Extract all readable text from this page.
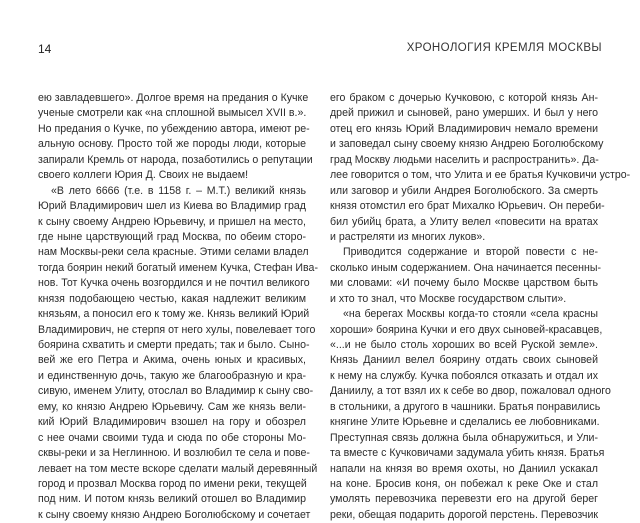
14	ХРОНОЛОГИЯ КРЕМЛЯ МОСКВЫ
ею завладевшего». Долгое время на предания о Кучке
ученые смотрели как «на сплошной вымысел XVII в.».
Но предания о Кучке, по убеждению автора, имеют ре-
альную основу. Просто той же породы люди, которые
запирали Кремль от народа, позаботились о репутации
своего коллеги Юрия Д. Своих не выдаем!
«В лето 6666 (т.е. в 1158 г. – М.Т.) великий князь
Юрий Владимирович шел из Киева во Владимир град
к сыну своему Андрею Юрьевичу, и пришел на место,
где ныне царствующий град Москва, по обеим сторо-
нам Москвы-реки села красные. Этими селами владел
тогда боярин некий богатый именем Кучка, Стефан Ива-
нов. Тот Кучка очень возгордился и не почтил великого
князя подобающею честью, какая надлежит великим
князьям, а поносил его к тому же. Князь великий Юрий
Владимирович, не стерпя от него хулы, повелевает того
боярина схватить и смерти предать; так и было. Сыно-
вей же его Петра и Акима, очень юных и красивых,
и единственную дочь, такую же благообразную и кра-
сивую, именем Улиту, отослал во Владимир к сыну сво-
ему, ко князю Андрею Юрьевичу. Сам же князь вели-
кий Юрий Владимирович взошел на гору и обозрел
с нее очами своими туда и сюда по обе стороны Мо-
сквы-реки и за Неглинною. И возлюбил те села и пове-
левает на том месте вскоре сделати малый деревянный
город и прозвал Москва город по имени реки, текущей
под ним. И потом князь великий отошел во Владимир
к сыну своему князю Андрею Боголюбскому и сочетает
его браком с дочерью Кучковою, с которой князь Ан-
дрей прижил и сыновей, рано умерших. И был у него
отец его князь Юрий Владимирович немало времени
и заповедал сыну своему князю Андрею Боголюбскому
град Москву людьми населить и распространить». Да-
лее говорится о том, что Улита и ее братья Кучковичи устро-
или заговор и убили Андрея Боголюбского. За смерть
князя отомстил его брат Михалко Юрьевич. Он переби-
бил убийц брата, а Улиту велел «повесити на вратах
и растреляти из многих луков».
Приводится содержание и второй повести с не-
сколько иным содержанием. Она начинается песенны-
ми словами: «И почему было Москве царством быть
и хто то знал, что Москве государством слыти».
«на берегах Москвы когда-то стояли «села красны
хороши» боярина Кучки и его двух сыновей-красавцев,
«...и не было столь хороших во всей Руской земле».
Князь Даниил велел боярину отдать своих сыновей
к нему на службу. Кучка побоялся отказать и отдал их
Даниилу, а тот взял их к себе во двор, пожаловал одного
в стольники, а другого в чашники. Братья понравились
княгине Улите Юрьевне и сделались ее любовниками.
Преступная связь должна была обнаружиться, и Ули-
та вместе с Кучковичами задумала убить князя. Братья
напали на князя во время охоты, но Даниил ускакал
на коне. Бросив коня, он побежал к реке Оке и стал
умолять перевозчика перевезти его на другой берег
реки, обещая подарить дорогой перстень. Перевозчик
